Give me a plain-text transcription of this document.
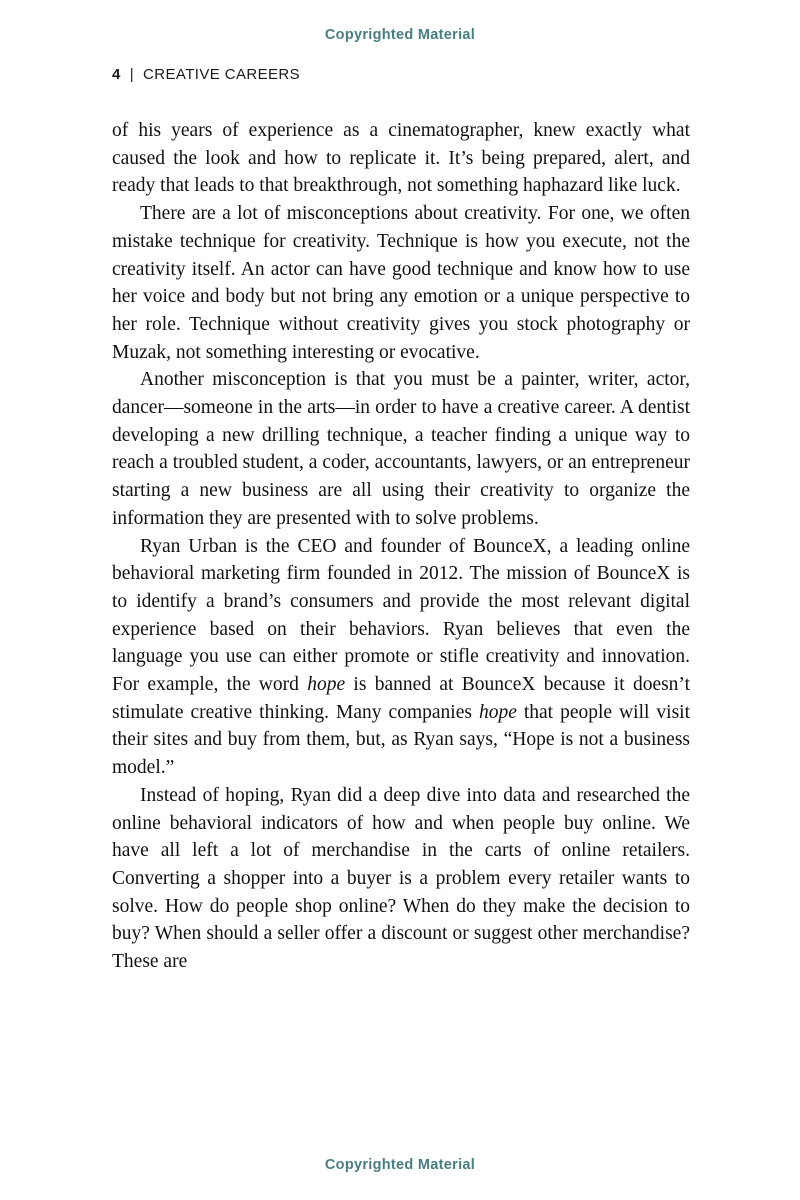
Copyrighted Material
4 | CREATIVE CAREERS

of his years of experience as a cinematographer, knew exactly what caused the look and how to replicate it. It’s being prepared, alert, and ready that leads to that breakthrough, not something haphazard like luck.

There are a lot of misconceptions about creativity. For one, we often mistake technique for creativity. Technique is how you execute, not the creativity itself. An actor can have good technique and know how to use her voice and body but not bring any emotion or a unique perspective to her role. Technique without creativity gives you stock photography or Muzak, not something interesting or evocative.

Another misconception is that you must be a painter, writer, actor, dancer—someone in the arts—in order to have a creative career. A dentist developing a new drilling technique, a teacher finding a unique way to reach a troubled student, a coder, accountants, lawyers, or an entrepreneur starting a new business are all using their creativity to organize the information they are presented with to solve problems.

Ryan Urban is the CEO and founder of BounceX, a leading online behavioral marketing firm founded in 2012. The mission of BounceX is to identify a brand’s consumers and provide the most relevant digital experience based on their behaviors. Ryan believes that even the language you use can either promote or stifle creativity and innovation. For example, the word hope is banned at BounceX because it doesn’t stimulate creative thinking. Many companies hope that people will visit their sites and buy from them, but, as Ryan says, “Hope is not a business model.”

Instead of hoping, Ryan did a deep dive into data and researched the online behavioral indicators of how and when people buy online. We have all left a lot of merchandise in the carts of online retailers. Converting a shopper into a buyer is a problem every retailer wants to solve. How do people shop online? When do they make the decision to buy? When should a seller offer a discount or suggest other merchandise? These are

Copyrighted Material
